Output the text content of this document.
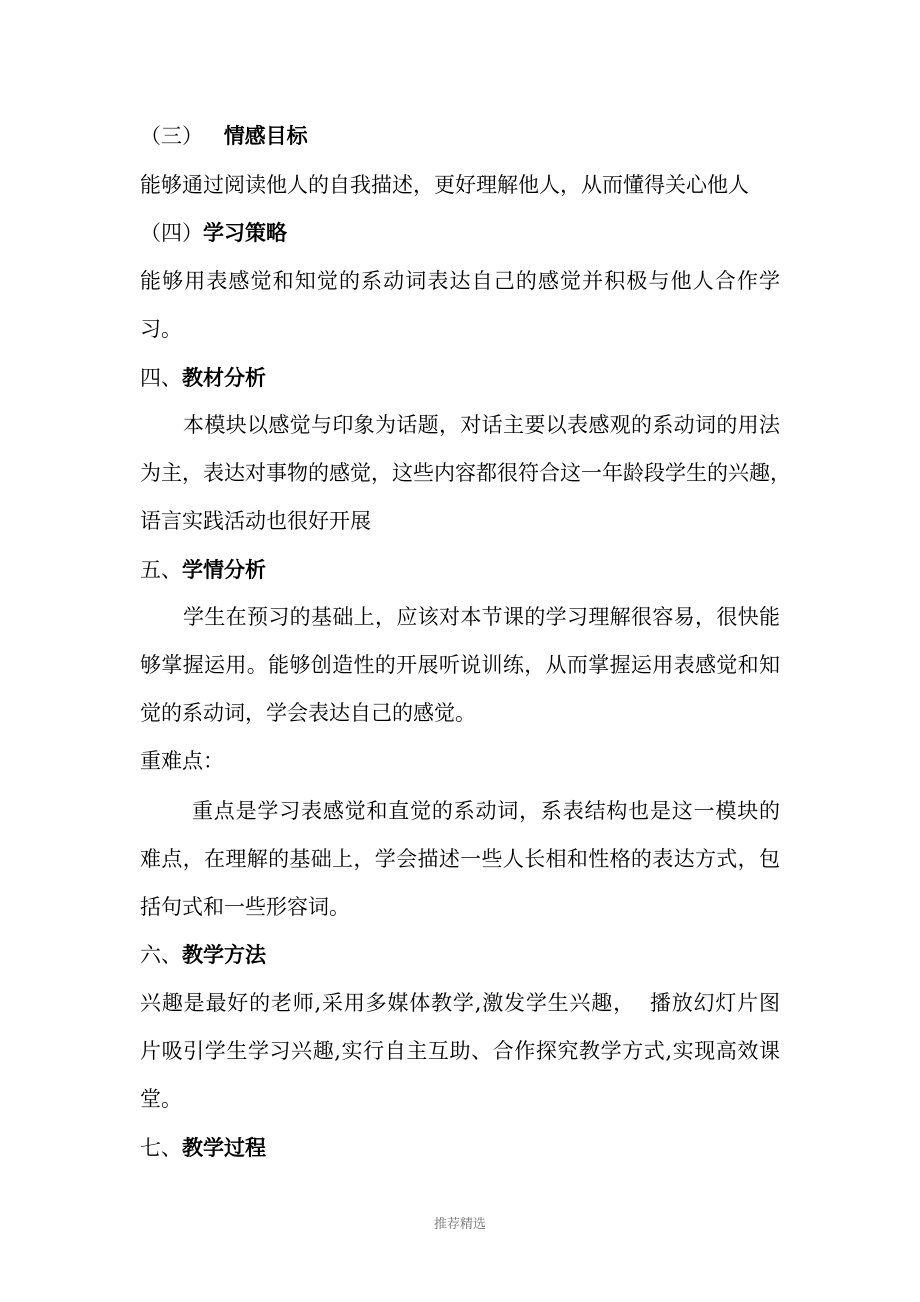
（三） 情感目标

能够通过阅读他人的自我描述，更好理解他人，从而懂得关心他人

（四）学习策略

能够用表感觉和知觉的系动词表达自己的感觉并积极与他人合作学

习。

四、教材分析

本模块以感觉与印象为话题，对话主要以表感观的系动词的用法

为主，表达对事物的感觉，这些内容都很符合这一年龄段学生的兴趣，

语言实践活动也很好开展

五、学情分析

学生在预习的基础上，应该对本节课的学习理解很容易，很快能

够掌握运用。能够创造性的开展听说训练，从而掌握运用表感觉和知

觉的系动词，学会表达自己的感觉。

重难点：

重点是学习表感觉和直觉的系动词，系表结构也是这一模块的

难点，在理解的基础上，学会描述一些人长相和性格的表达方式，包

括句式和一些形容词。

六、教学方法

兴趣是最好的老师,采用多媒体教学,激发学生兴趣，  播放幻灯片图

片吸引学生学习兴趣,实行自主互助、合作探究教学方式,实现高效课

堂。

七、教学过程
推荐精选
